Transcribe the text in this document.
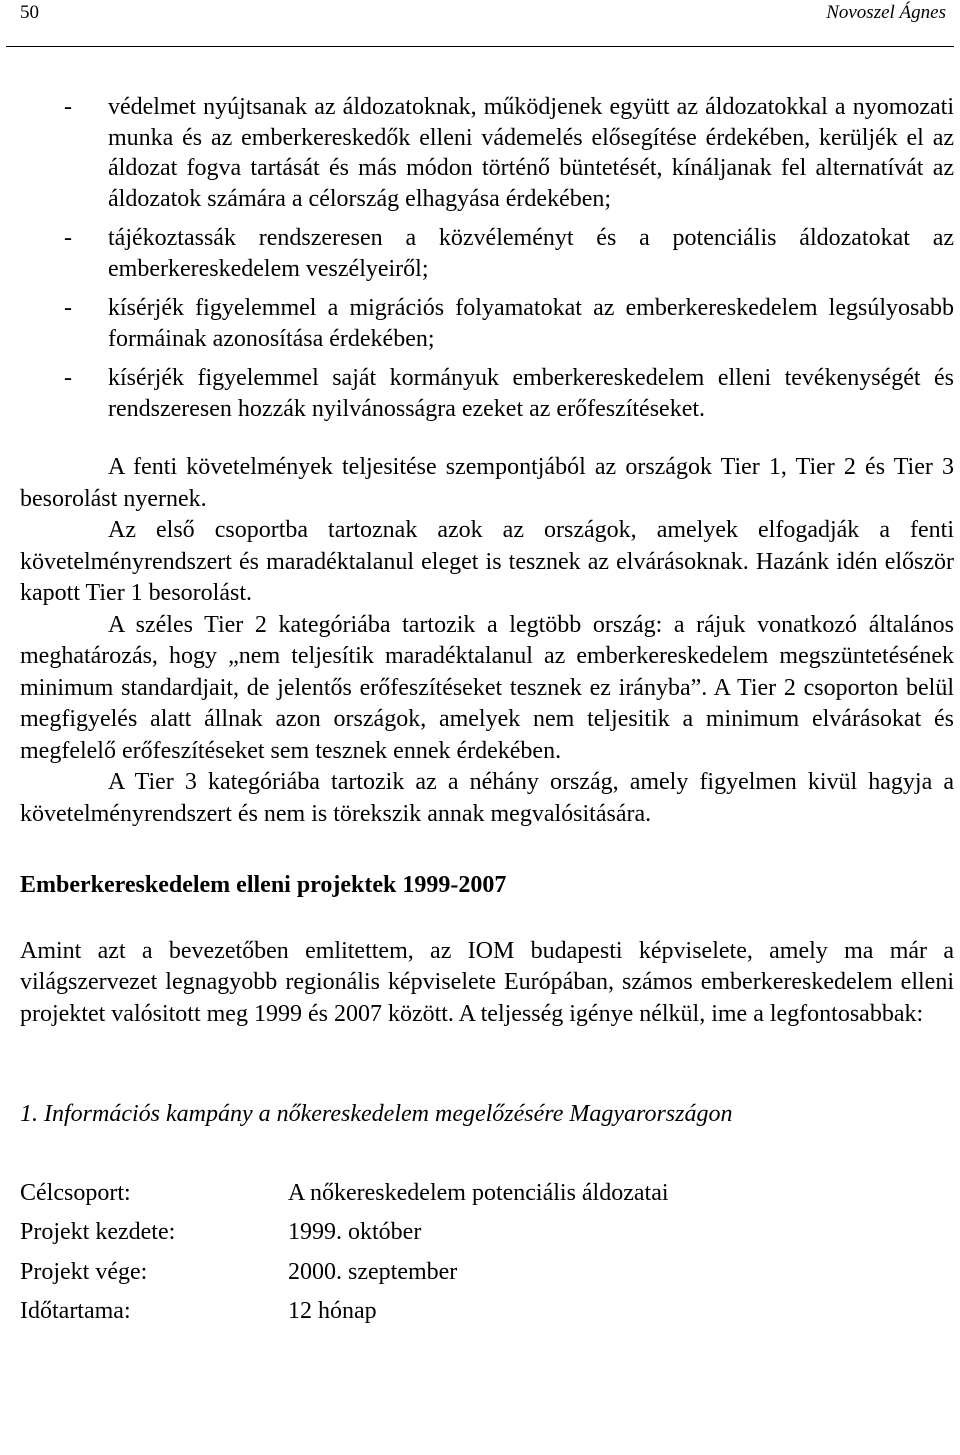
50	Novoszel Ágnes
- védelmet nyújtsanak az áldozatoknak, működjenek együtt az áldozatokkal a nyomozati munka és az emberkereskedők elleni vádemelés elősegítése érdekében, kerüljék el az áldozat fogva tartását és más módon történő büntetését, kínáljanak fel alternatívát az áldozatok számára a célország elhagyása érdekében;
- tájékoztassák rendszeresen a közvéleményt és a potenciális áldozatokat az emberkereskedelem veszélyeiről;
- kísérjék figyelemmel a migrációs folyamatokat az emberkereskedelem legsúlyosabb formáinak azonosítása érdekében;
- kísérjék figyelemmel saját kormányuk emberkereskedelem elleni tevékenységét és rendszeresen hozzák nyilvánosságra ezeket az erőfeszítéseket.

A fenti követelmények teljesitése szempontjából az országok Tier 1, Tier 2 és Tier 3 besorolást nyernek.

Az első csoportba tartoznak azok az országok, amelyek elfogadják a fenti követelményrendszert és maradéktalanul eleget is tesznek az elvárásoknak. Hazánk idén először kapott Tier 1 besorolást.

A széles Tier 2 kategóriába tartozik a legtöbb ország: a rájuk vonatkozó általános meghatározás, hogy „nem teljesítik maradéktalanul az emberkereskedelem megszüntetésének minimum standardjait, de jelentős erőfeszítéseket tesznek ez irányba”. A Tier 2 csoporton belül megfigyelés alatt állnak azon országok, amelyek nem teljesitik a minimum elvárásokat és megfelelő erőfeszítéseket sem tesznek ennek érdekében.

A Tier 3 kategóriába tartozik az a néhány ország, amely figyelmen kivül hagyja a követelményrendszert és nem is törekszik annak megvalósitására.

Emberkereskedelem elleni projektek 1999-2007

Amint azt a bevezetőben emlitettem, az IOM budapesti képviselete, amely ma már a világszervezet legnagyobb regionális képviselete Európában, számos emberkereskedelem elleni projektet valósitott meg 1999 és 2007 között. A teljesség igénye nélkül, ime a legfontosabbak:

1. Információs kampány a nőkereskedelem megelőzésére Magyarországon

Célcsoport:	A nőkereskedelem potenciális áldozatai
Projekt kezdete:	1999. október
Projekt vége:	2000. szeptember
Időtartama:	12 hónap
